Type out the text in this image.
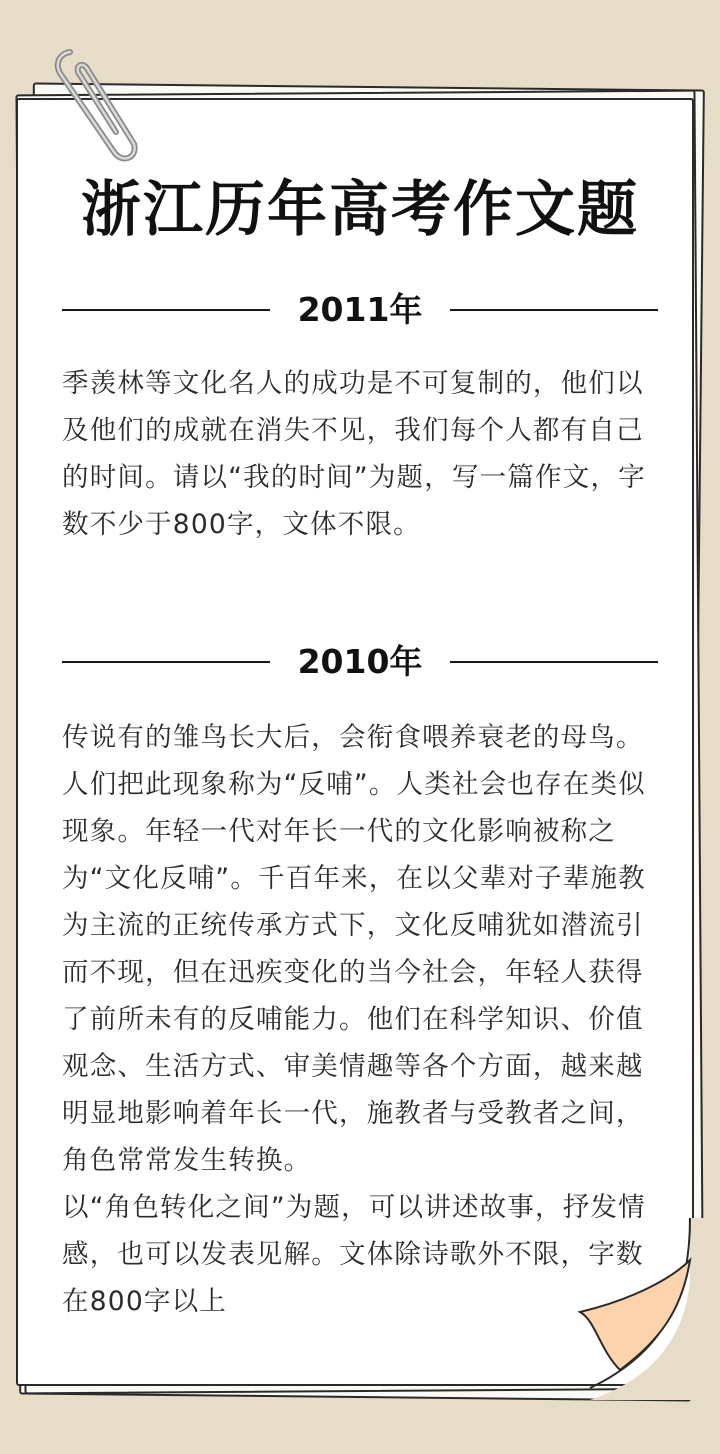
浙江历年高考作文题
2011年

季羡林等文化名人的成功是不可复制的，他们以及他们的成就在消失不见，我们每个人都有自己的时间。请以“我的时间”为题，写一篇作文，字数不少于800字，文体不限。

2010年

传说有的雏鸟长大后，会衔食喂养衰老的母鸟。人们把此现象称为“反哺”。人类社会也存在类似现象。年轻一代对年长一代的文化影响被称之为“文化反哺”。千百年来，在以父辈对子辈施教为主流的正统传承方式下，文化反哺犹如潜流引而不现，但在迅疾变化的当今社会，年轻人获得了前所未有的反哺能力。他们在科学知识、价值观念、生活方式、审美情趣等各个方面，越来越明显地影响着年长一代，施教者与受教者之间，角色常常发生转换。

以“角色转化之间”为题，可以讲述故事，抒发情感，也可以发表见解。文体除诗歌外不限，字数在800字以上
